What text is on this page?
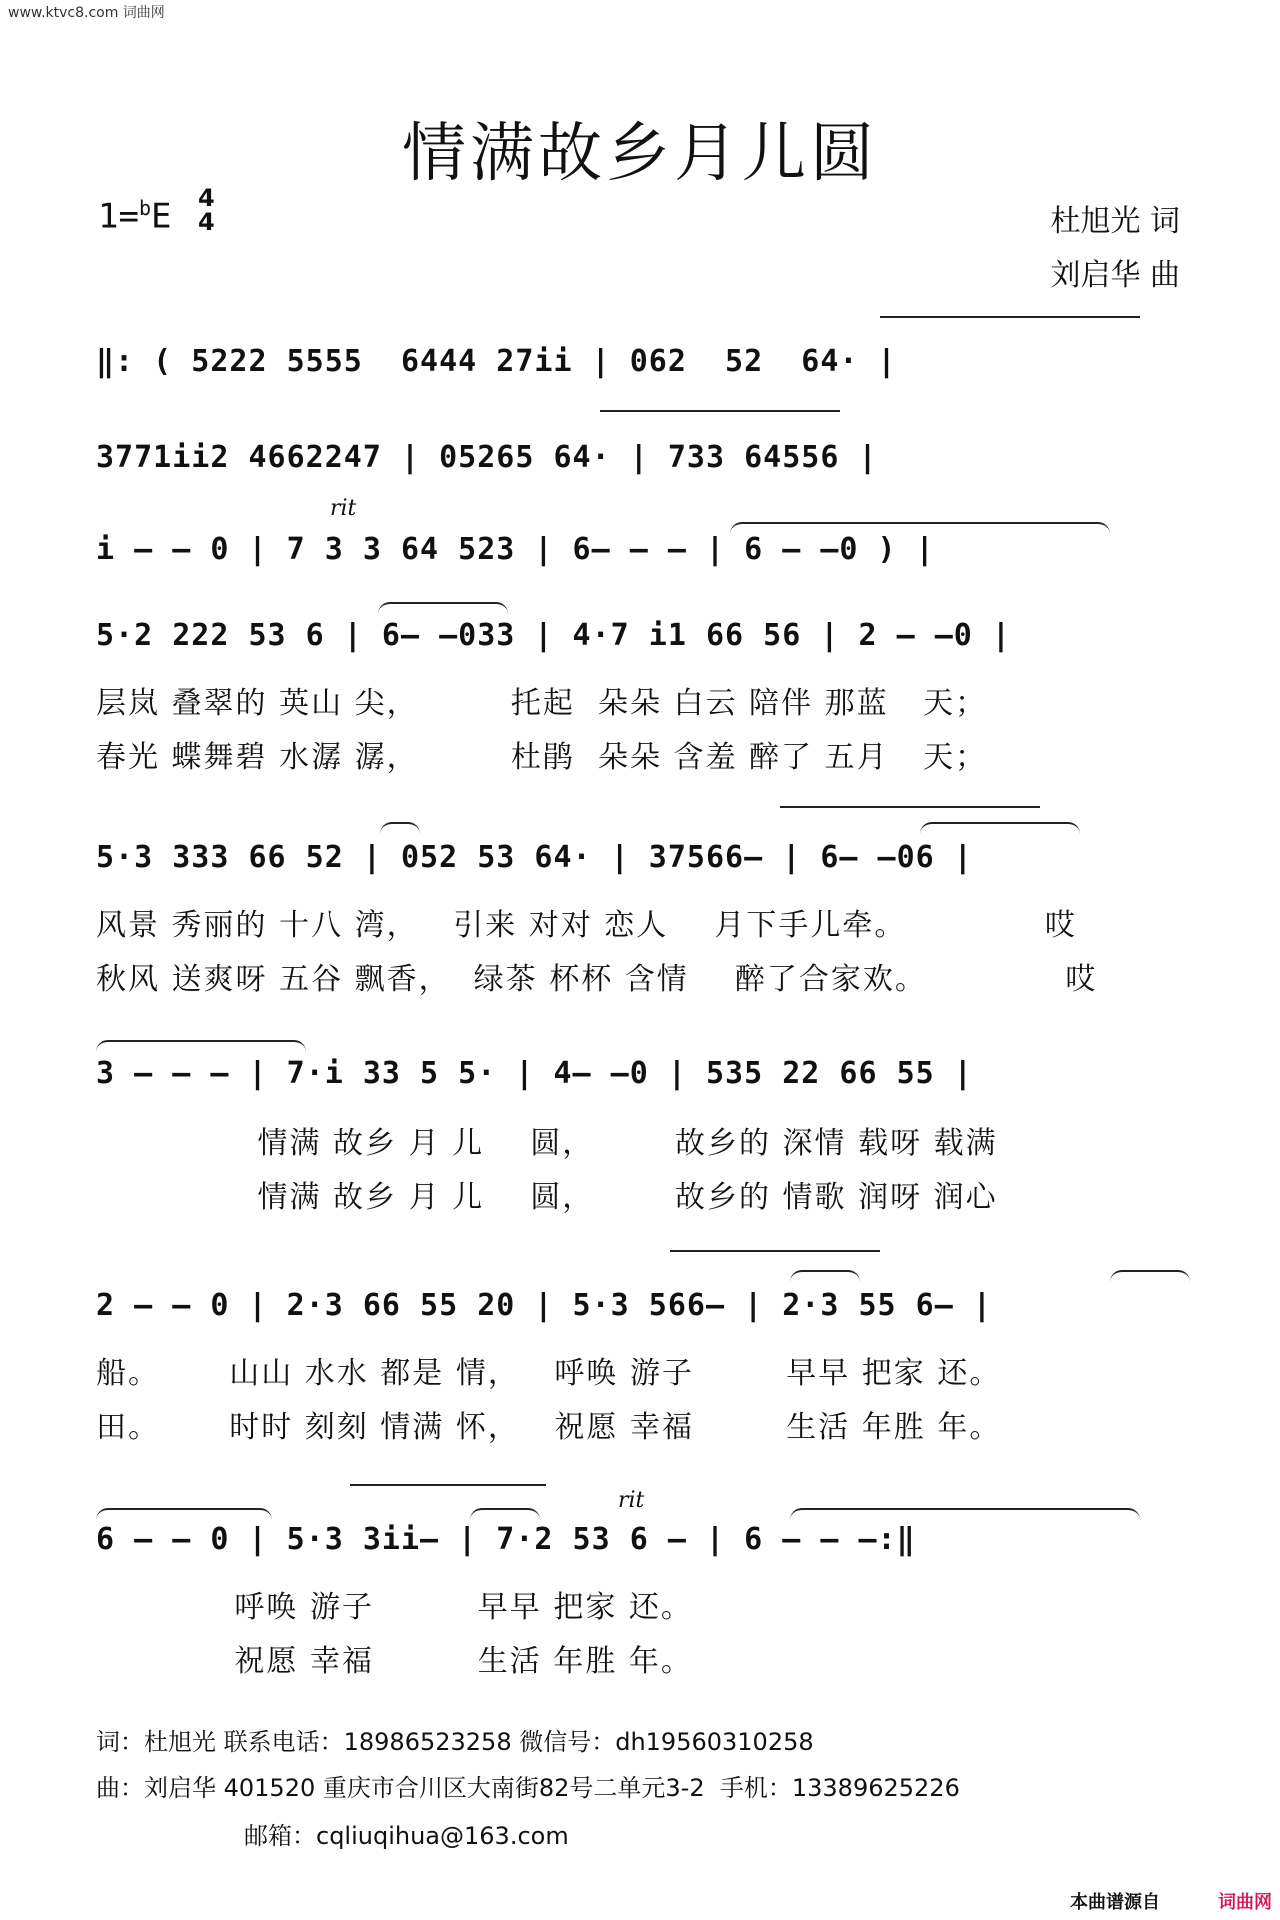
www.ktvc8.com 词曲网
情满故乡月儿圆
1=$^b$E 4
4	杜旭光 词
刘启华 曲
‖: ( 5222 5555  6444 27ii | 062  52  64· |
3771ii2 4662247 | 05265 64· | 733 64556 |
rit
i – – 0 | 7 3 3 64 523 | 6– – – | 6 – –0 ) |
5·2 222 53 6 | 6– –033 | 4·7 i1 66 56 | 2 – –0 |
层岚 叠翠的 英山 尖，        托起  朵朵 白云 陪伴 那蓝   天；
春光 蝶舞碧 水潺 潺，        杜鹃  朵朵 含羞 醉了 五月   天；
5·3 333 66 52 | 052 53 64· | 37566– | 6– –06 |
风景 秀丽的 十八 湾，   引来 对对 恋人    月下手儿牵。            哎
秋风 送爽呀 五谷 飘香，  绿茶 杯杯 含情    醉了合家欢。            哎
3 – – – | 7·i 33 5 5· | 4– –0 | 535 22 66 55 |
情满 故乡 月 儿    圆，       故乡的 深情 载呀 载满
情满 故乡 月 儿    圆，       故乡的 情歌 润呀 润心
2 – – 0 | 2·3 66 55 20 | 5·3 566– | 2·3 55 6– |
船。      山山 水水 都是 情，   呼唤 游子        早早 把家 还。
田。      时时 刻刻 情满 怀，   祝愿 幸福        生活 年胜 年。
rit
6 – – 0 | 5·3 3ii– | 7·2 53 6 – | 6 – – –:‖
呼唤 游子         早早 把家 还。
祝愿 幸福         生活 年胜 年。
词：杜旭光 联系电话：18986523258 微信号：dh19560310258
曲：刘启华 401520 重庆市合川区大南街82号二单元3-2  手机：13389625226
邮箱：cqliuqihua@163.com
本曲谱源自	词曲网
